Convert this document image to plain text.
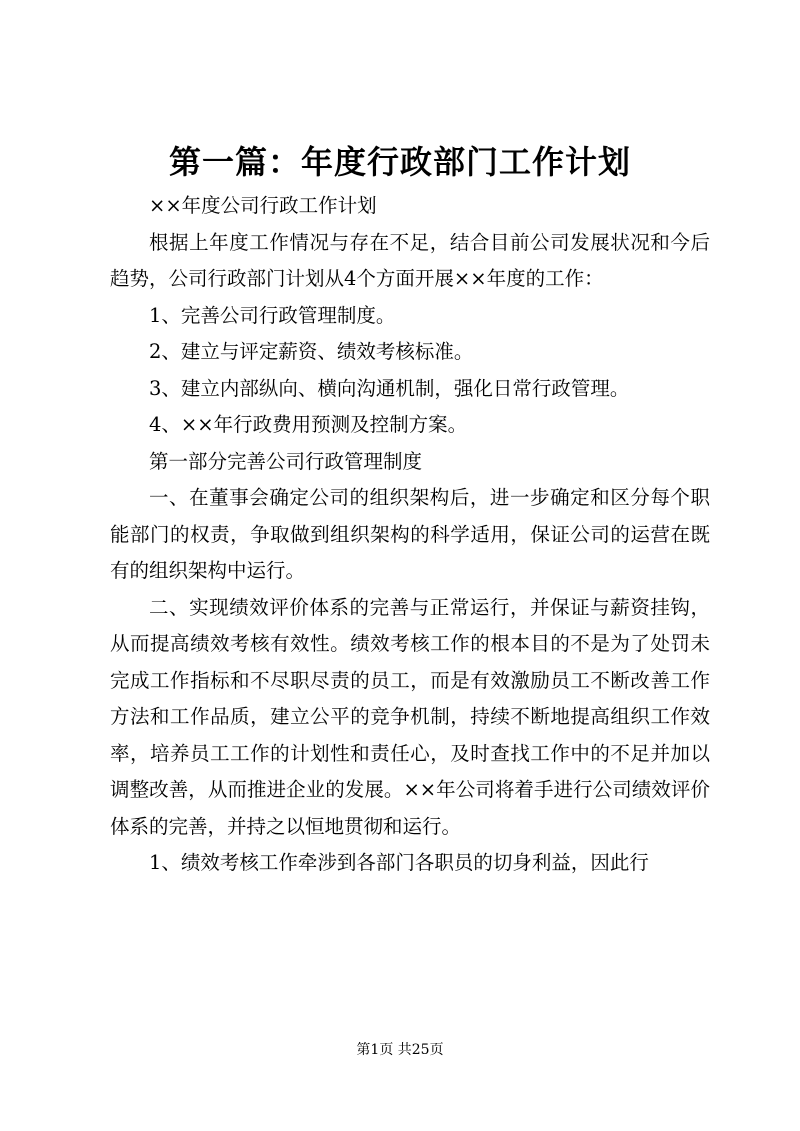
第一篇：年度行政部门工作计划

××年度公司行政工作计划

根据上年度工作情况与存在不足，结合目前公司发展状况和今后趋势，公司行政部门计划从4个方面开展××年度的工作：

1、完善公司行政管理制度。

2、建立与评定薪资、绩效考核标准。

3、建立内部纵向、横向沟通机制，强化日常行政管理。

4、××年行政费用预测及控制方案。

第一部分完善公司行政管理制度

一、在董事会确定公司的组织架构后，进一步确定和区分每个职能部门的权责，争取做到组织架构的科学适用，保证公司的运营在既有的组织架构中运行。

二、实现绩效评价体系的完善与正常运行，并保证与薪资挂钩，从而提高绩效考核有效性。绩效考核工作的根本目的不是为了处罚未完成工作指标和不尽职尽责的员工，而是有效激励员工不断改善工作方法和工作品质，建立公平的竞争机制，持续不断地提高组织工作效率，培养员工工作的计划性和责任心，及时查找工作中的不足并加以调整改善，从而推进企业的发展。××年公司将着手进行公司绩效评价体系的完善，并持之以恒地贯彻和运行。

1、绩效考核工作牵涉到各部门各职员的切身利益，因此行

第1页 共25页
